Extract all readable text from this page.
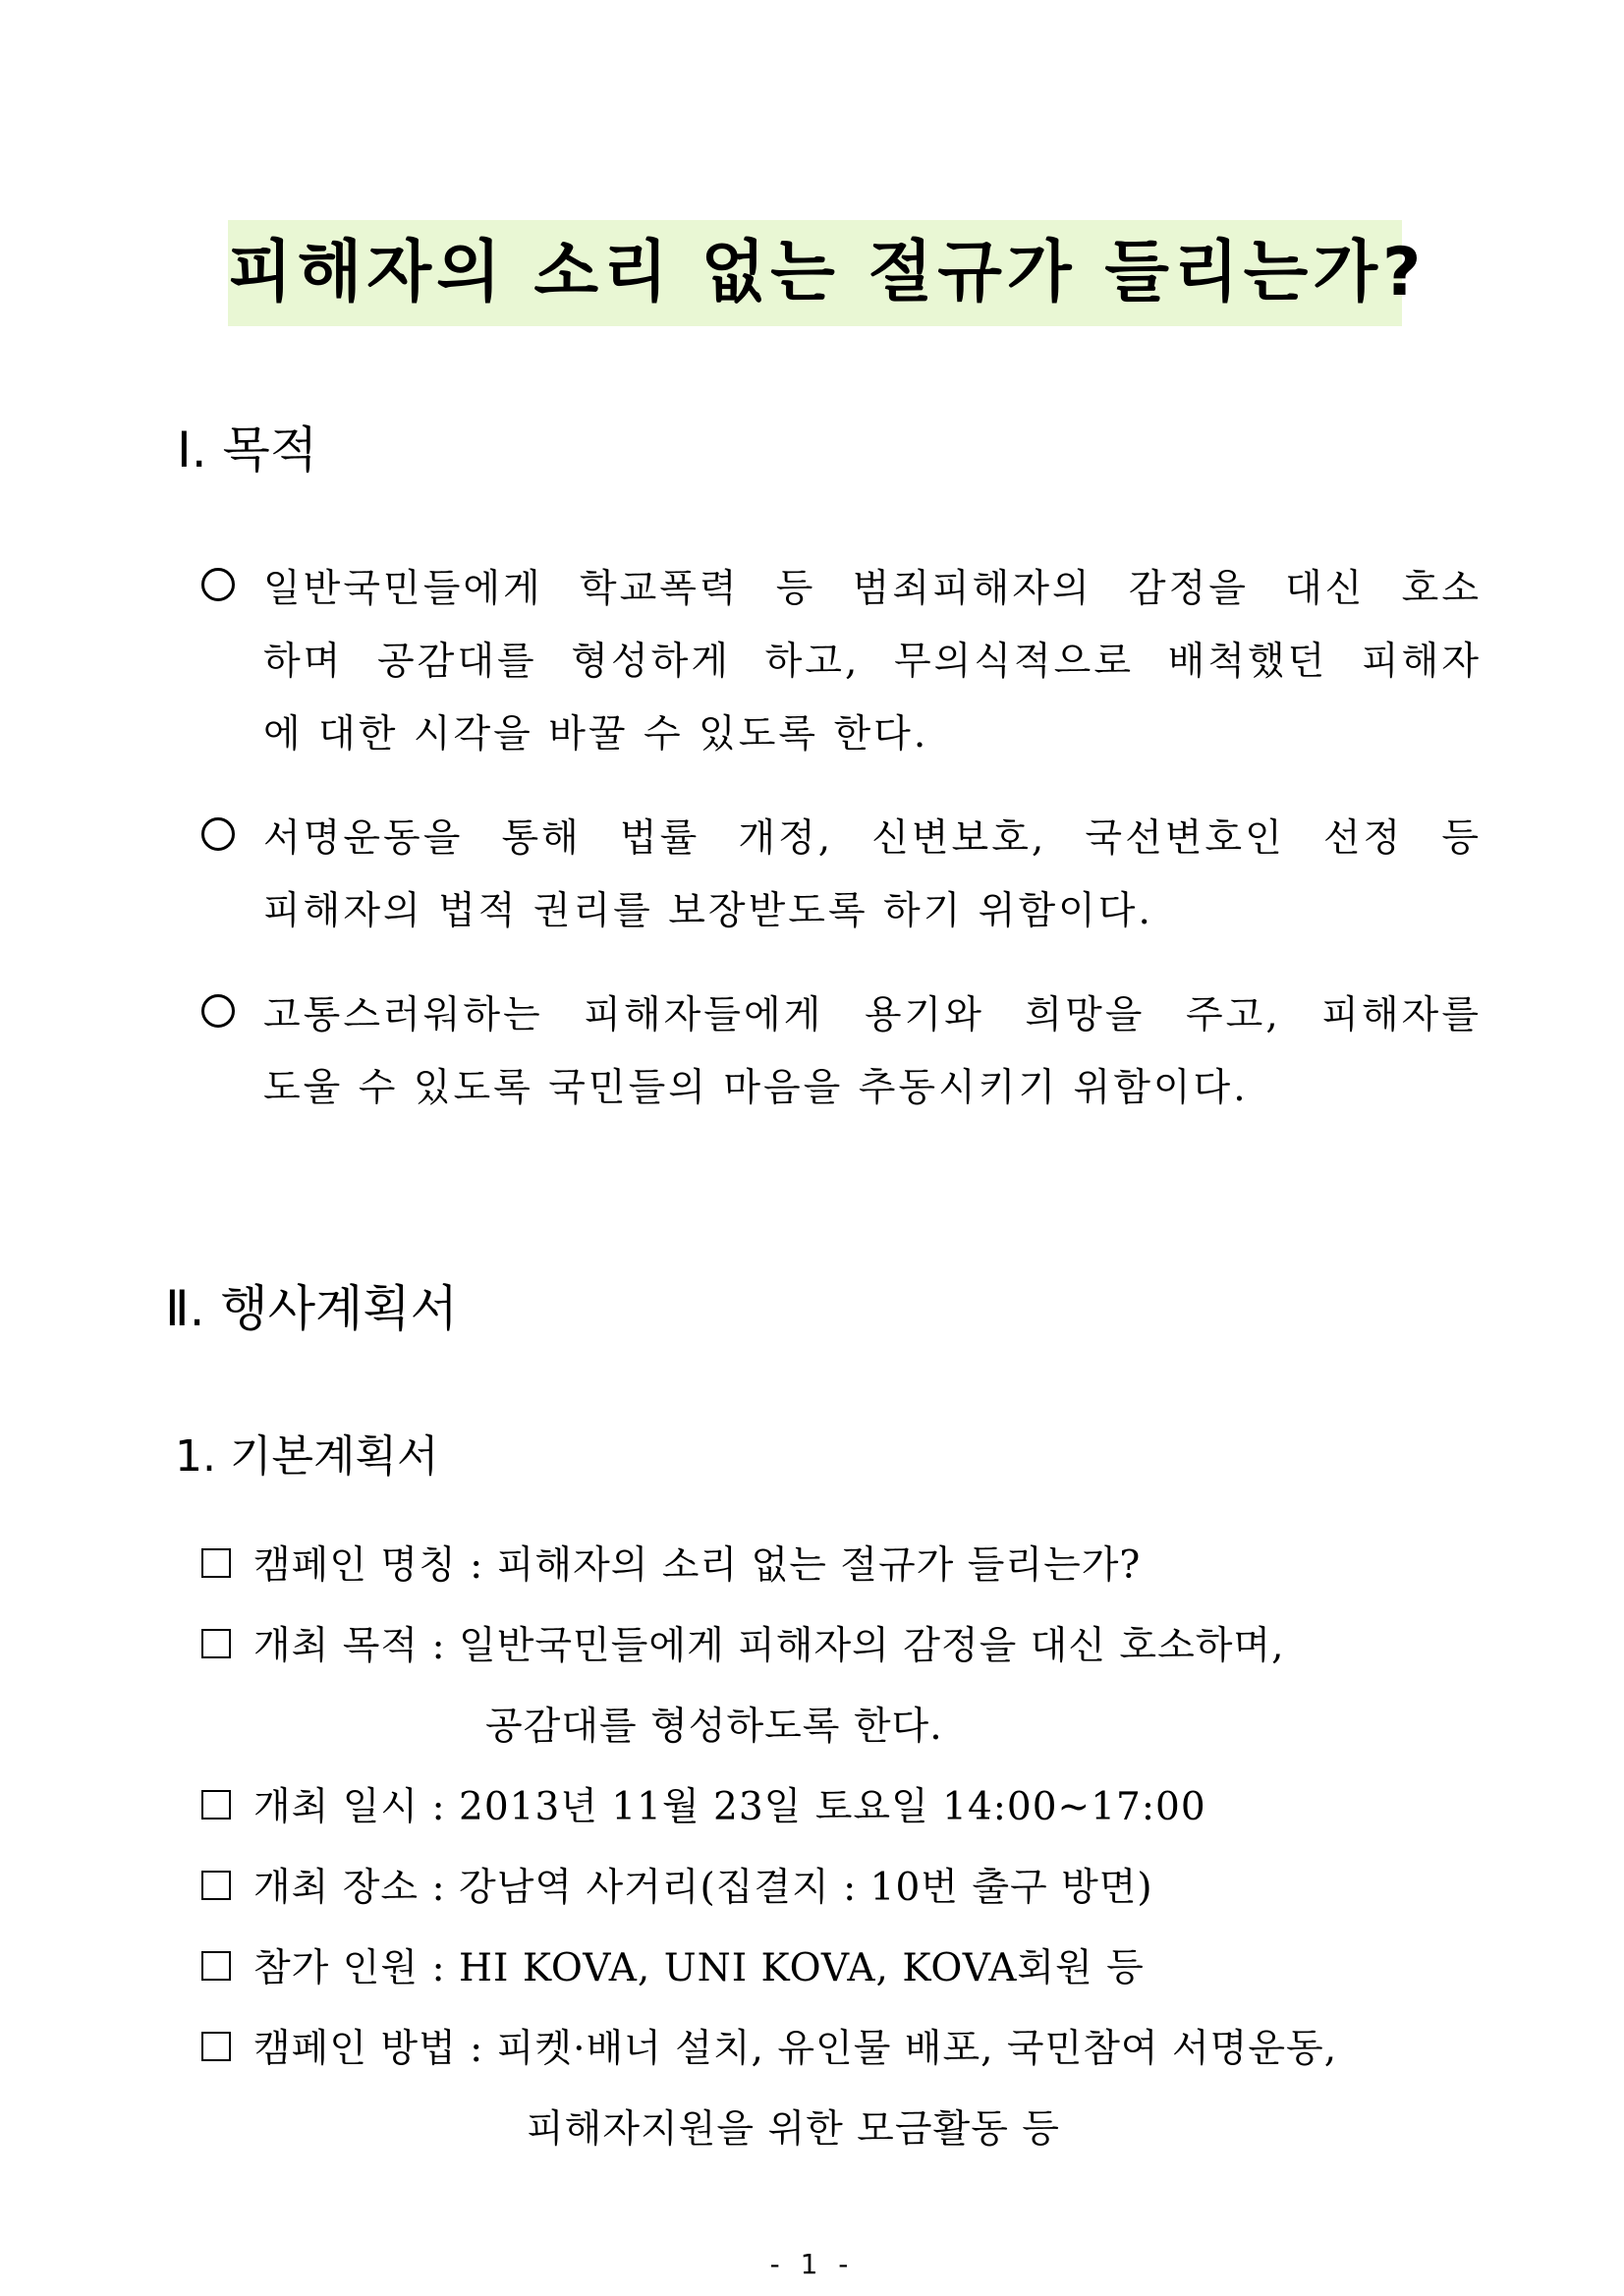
피해자의 소리 없는 절규가 들리는가?
Ⅰ. 목적
일반국민들에게 학교폭력 등 범죄피해자의 감정을 대신 호소
하며 공감대를 형성하게 하고, 무의식적으로 배척했던 피해자
에 대한 시각을 바꿀 수 있도록 한다.
서명운동을 통해 법률 개정, 신변보호, 국선변호인 선정 등
피해자의 법적 권리를 보장받도록 하기 위함이다.
고통스러워하는 피해자들에게 용기와 희망을 주고, 피해자를
도울 수 있도록 국민들의 마음을 추동시키기 위함이다.
Ⅱ. 행사계획서
1. 기본계획서
캠페인 명칭 : 피해자의 소리 없는 절규가 들리는가?
개최 목적 : 일반국민들에게 피해자의 감정을 대신 호소하며,
공감대를 형성하도록 한다.
개최 일시 : 2013년 11월 23일 토요일 14:00~17:00
개최 장소 : 강남역 사거리(집결지 : 10번 출구 방면)
참가 인원 : HI KOVA, UNI KOVA, KOVA회원 등
캠페인 방법 : 피켓·배너 설치, 유인물 배포, 국민참여 서명운동,
피해자지원을 위한 모금활동 등
- 1 -
